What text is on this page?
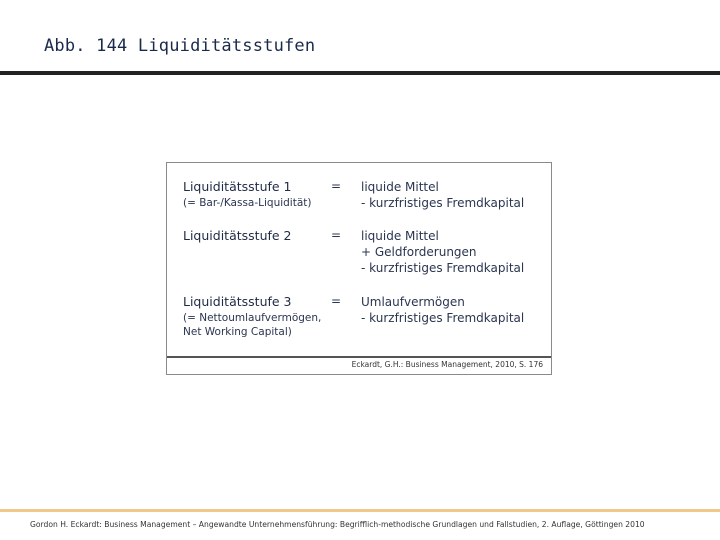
Abb. 144 Liquiditätsstufen
Liquiditätsstufe 1
(= Bar-/Kassa-Liquidität)
= liquide Mittel
- kurzfristiges Fremdkapital
Liquiditätsstufe 2	= liquide Mittel
+ Geldforderungen
- kurzfristiges Fremdkapital
Liquiditätsstufe 3
(= Nettoumlaufvermögen,
Net Working Capital)
= Umlaufvermögen
- kurzfristiges Fremdkapital
Eckardt, G.H.: Business Management, 2010, S. 176
Gordon H. Eckardt: Business Management – Angewandte Unternehmensführung: Begrifflich-methodische Grundlagen und Fallstudien, 2. Auflage, Göttingen 2010
